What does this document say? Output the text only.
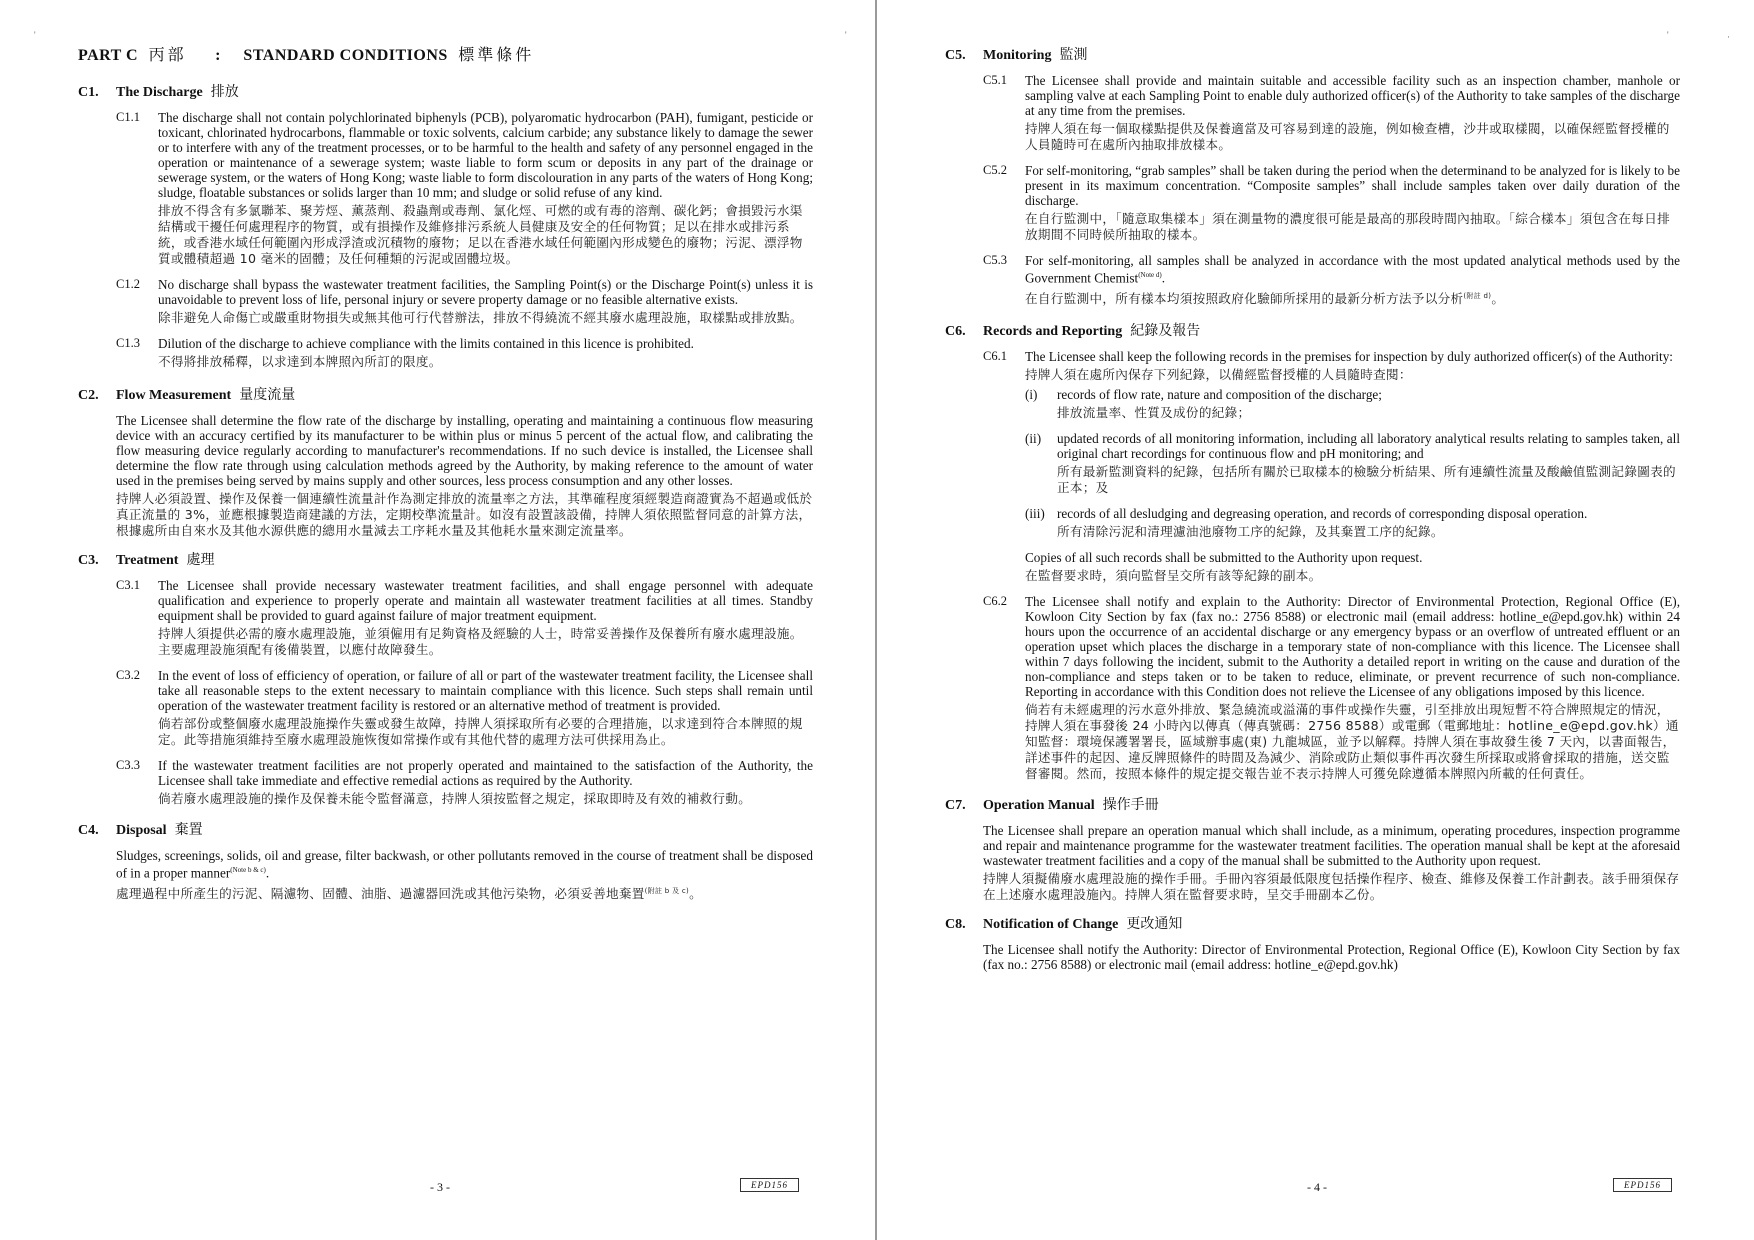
'	'
PART C 丙部 : STANDARD CONDITIONS 標準條件
C1.	The Discharge 排放
C1.1	The discharge shall not contain polychlorinated biphenyls (PCB), polyaromatic hydrocarbon (PAH), fumigant, pesticide or toxicant, chlorinated hydrocarbons, flammable or toxic solvents, calcium carbide; any substance likely to damage the sewer or to interfere with any of the treatment processes, or to be harmful to the health and safety of any personnel engaged in the operation or maintenance of a sewerage system; waste liable to form scum or deposits in any part of the drainage or sewerage system, or the waters of Hong Kong; waste liable to form discolouration in any parts of the waters of Hong Kong; sludge, floatable substances or solids larger than 10 mm; and sludge or solid refuse of any kind.

排放不得含有多氯聯苯、聚芳烴、薰蒸劑、殺蟲劑或毒劑、氯化烴、可燃的或有毒的溶劑、碳化鈣；會損毀污水渠結構或干擾任何處理程序的物質，或有損操作及維修排污系統人員健康及安全的任何物質；足以在排水或排污系統，或香港水域任何範圍內形成浮渣或沉積物的廢物；足以在香港水域任何範圍內形成變色的廢物；污泥、漂浮物質或體積超過 10 毫米的固體；及任何種類的污泥或固體垃圾。

C1.2	No discharge shall bypass the wastewater treatment facilities, the Sampling Point(s) or the Discharge Point(s) unless it is unavoidable to prevent loss of life, personal injury or severe property damage or no feasible alternative exists.

除非避免人命傷亡或嚴重財物損失或無其他可行代替辦法，排放不得繞流不經其廢水處理設施，取樣點或排放點。

C1.3	Dilution of the discharge to achieve compliance with the limits contained in this licence is prohibited.

不得將排放稀釋，以求達到本牌照內所訂的限度。

C2.	Flow Measurement 量度流量

The Licensee shall determine the flow rate of the discharge by installing, operating and maintaining a continuous flow measuring device with an accuracy certified by its manufacturer to be within plus or minus 5 percent of the actual flow, and calibrating the flow measuring device regularly according to manufacturer's recommendations. If no such device is installed, the Licensee shall determine the flow rate through using calculation methods agreed by the Authority, by making reference to the amount of water used in the premises being served by mains supply and other sources, less process consumption and any other losses.

持牌人必須設置、操作及保養一個連續性流量計作為測定排放的流量率之方法，其準確程度須經製造商證實為不超過或低於真正流量的 3%，並應根據製造商建議的方法，定期校準流量計。如沒有設置該設備，持牌人須依照監督同意的計算方法，根據處所由自來水及其他水源供應的總用水量減去工序耗水量及其他耗水量來測定流量率。

C3.	Treatment 處理
C3.1	The Licensee shall provide necessary wastewater treatment facilities, and shall engage personnel with adequate qualification and experience to properly operate and maintain all wastewater treatment facilities at all times. Standby equipment shall be provided to guard against failure of major treatment equipment.

持牌人須提供必需的廢水處理設施，並須僱用有足夠資格及經驗的人士，時常妥善操作及保養所有廢水處理設施。主要處理設施須配有後備裝置，以應付故障發生。

C3.2	In the event of loss of efficiency of operation, or failure of all or part of the wastewater treatment facility, the Licensee shall take all reasonable steps to the extent necessary to maintain compliance with this licence. Such steps shall remain until operation of the wastewater treatment facility is restored or an alternative method of treatment is provided.

倘若部份或整個廢水處理設施操作失靈或發生故障，持牌人須採取所有必要的合理措施，以求達到符合本牌照的規定。此等措施須維持至廢水處理設施恢復如常操作或有其他代替的處理方法可供採用為止。

C3.3	If the wastewater treatment facilities are not properly operated and maintained to the satisfaction of the Authority, the Licensee shall take immediate and effective remedial actions as required by the Authority.

倘若廢水處理設施的操作及保養未能令監督滿意，持牌人須按監督之規定，採取即時及有效的補救行動。

C4.	Disposal 棄置

Sludges, screenings, solids, oil and grease, filter backwash, or other pollutants removed in the course of treatment shall be disposed of in a proper manner$^{(Note b \& c)}$.

處理過程中所產生的污泥、隔濾物、固體、油脂、過濾器回洗或其他污染物，必須妥善地棄置$^{(附註 b 及 c)}$。

- 3 -	EPD156
'	·
C5.	Monitoring 監測
C5.1	The Licensee shall provide and maintain suitable and accessible facility such as an inspection chamber, manhole or sampling valve at each Sampling Point to enable duly authorized officer(s) of the Authority to take samples of the discharge at any time from the premises.

持牌人須在每一個取樣點提供及保養適當及可容易到達的設施，例如檢查槽，沙井或取樣閥，以確保經監督授權的人員隨時可在處所內抽取排放樣本。

C5.2	For self-monitoring, “grab samples” shall be taken during the period when the determinand to be analyzed for is likely to be present in its maximum concentration. “Composite samples” shall include samples taken over daily duration of the discharge.

在自行監測中，「隨意取集樣本」須在測量物的濃度很可能是最高的那段時間內抽取。「綜合樣本」須包含在每日排放期間不同時候所抽取的樣本。

C5.3	For self-monitoring, all samples shall be analyzed in accordance with the most updated analytical methods used by the Government Chemist$^{(Note d)}$.

在自行監測中，所有樣本均須按照政府化驗師所採用的最新分析方法予以分析$^{(附註 d)}$。

C6.	Records and Reporting 紀錄及報告
C6.1	The Licensee shall keep the following records in the premises for inspection by duly authorized officer(s) of the Authority:

持牌人須在處所內保存下列紀錄，以備經監督授權的人員隨時查閱：

(i)	records of flow rate, nature and composition of the discharge;

排放流量率、性質及成份的紀錄；

(ii)	updated records of all monitoring information, including all laboratory analytical results relating to samples taken, all original chart recordings for continuous flow and pH monitoring; and

所有最新監測資料的紀錄，包括所有關於已取樣本的檢驗分析結果、所有連續性流量及酸鹼值監測記錄圖表的正本；及

(iii) records of all desludging and degreasing operation, and records of corresponding disposal operation.

所有清除污泥和清理濾油池廢物工序的紀錄，及其棄置工序的紀錄。

Copies of all such records shall be submitted to the Authority upon request.

在監督要求時，須向監督呈交所有該等紀錄的副本。

C6.2	The Licensee shall notify and explain to the Authority: Director of Environmental Protection, Regional Office (E), Kowloon City Section by fax (fax no.: 2756 8588) or electronic mail (email address: hotline_e@epd.gov.hk) within 24 hours upon the occurrence of an accidental discharge or any emergency bypass or an overflow of untreated effluent or an operation upset which places the discharge in a temporary state of non-compliance with this licence. The Licensee shall within 7 days following the incident, submit to the Authority a detailed report in writing on the cause and duration of the non-compliance and steps taken or to be taken to reduce, eliminate, or prevent recurrence of such non-compliance. Reporting in accordance with this Condition does not relieve the Licensee of any obligations imposed by this licence.

倘若有未經處理的污水意外排放、緊急繞流或溢滿的事件或操作失靈，引至排放出現短暫不符合牌照規定的情況，持牌人須在事發後 24 小時內以傳真（傳真號碼：2756 8588）或電郵（電郵地址：hotline_e@epd.gov.hk）通知監督：環境保護署署長，區域辦事處(東) 九龍城區，並予以解釋。持牌人須在事故發生後 7 天內，以書面報告，詳述事件的起因、違反牌照條件的時間及為減少、消除或防止類似事件再次發生所採取或將會採取的措施，送交監督審閱。然而，按照本條件的規定提交報告並不表示持牌人可獲免除遵循本牌照內所載的任何責任。

C7.	Operation Manual 操作手冊

The Licensee shall prepare an operation manual which shall include, as a minimum, operating procedures, inspection programme and repair and maintenance programme for the wastewater treatment facilities. The operation manual shall be kept at the aforesaid wastewater treatment facilities and a copy of the manual shall be submitted to the Authority upon request.

持牌人須擬備廢水處理設施的操作手冊。手冊內容須最低限度包括操作程序、檢查、維修及保養工作計劃表。該手冊須保存在上述廢水處理設施內。持牌人須在監督要求時，呈交手冊副本乙份。

C8.	Notification of Change 更改通知

The Licensee shall notify the Authority: Director of Environmental Protection, Regional Office (E), Kowloon City Section by fax (fax no.: 2756 8588) or electronic mail (email address: hotline_e@epd.gov.hk)

- 4 -	EPD156
